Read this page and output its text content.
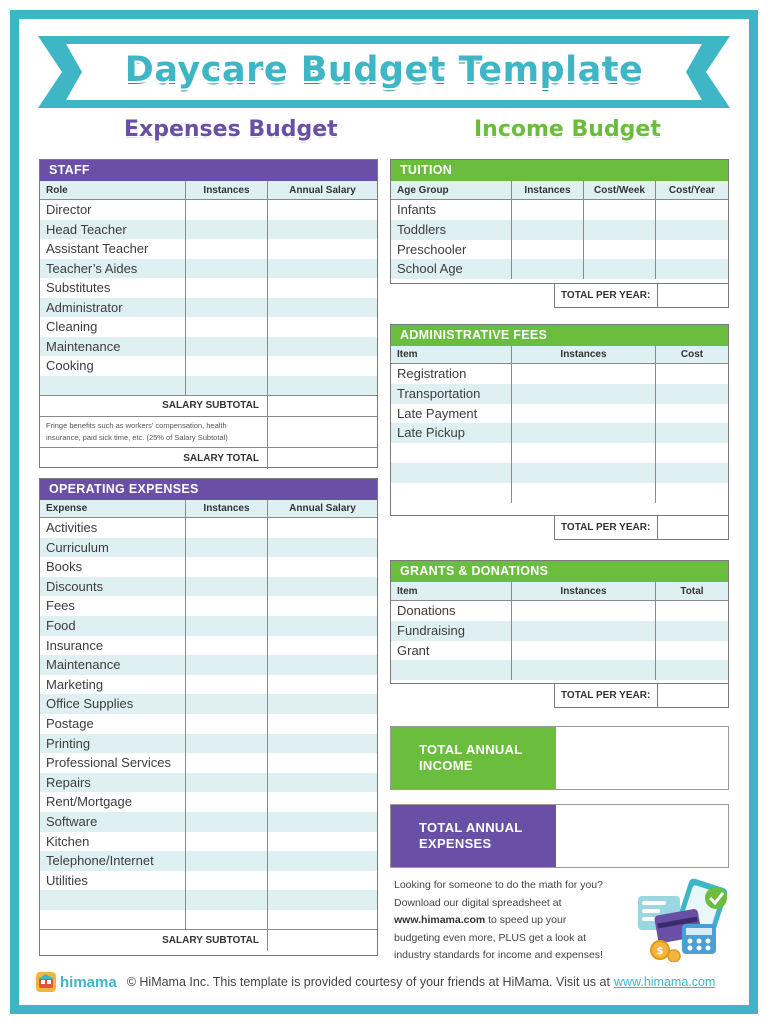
Daycare Budget Template
Expenses Budget	Income Budget
STAFF
Role	Instances	Annual Salary
Director
Head Teacher
Assistant Teacher
Teacher’s Aides
Substitutes
Administrator
Cleaning
Maintenance
Cooking
SALARY SUBTOTAL
Fringe benefits such as workers' compensation, health insurance, paid sick time, etc. (25% of Salary Subtotal)
SALARY TOTAL
OPERATING EXPENSES
Expense	Instances	Annual Salary
Activities
Curriculum
Books
Discounts
Fees
Food
Insurance
Maintenance
Marketing
Office Supplies
Postage
Printing
Professional Services
Repairs
Rent/Mortgage
Software
Kitchen
Telephone/Internet
Utilities
SALARY SUBTOTAL
TUITION
Age Group	Instances	Cost/Week	Cost/Year
Infants
Toddlers
Preschooler
School Age
TOTAL PER YEAR:
ADMINISTRATIVE FEES
Item	Instances	Cost
Registration
Transportation
Late Payment
Late Pickup
TOTAL PER YEAR:
GRANTS & DONATIONS
Item	Instances	Total
Donations
Fundraising
Grant
TOTAL PER YEAR:
TOTAL ANNUAL
INCOME
TOTAL ANNUAL
EXPENSES
Looking for someone to do the math for you?
Download our digital spreadsheet at
www.himama.com to speed up your
budgeting even more, PLUS get a look at
industry standards for income and expenses!	$
himama © HiMama Inc. This template is provided courtesy of your friends at HiMama. Visit us at www.himama.com
